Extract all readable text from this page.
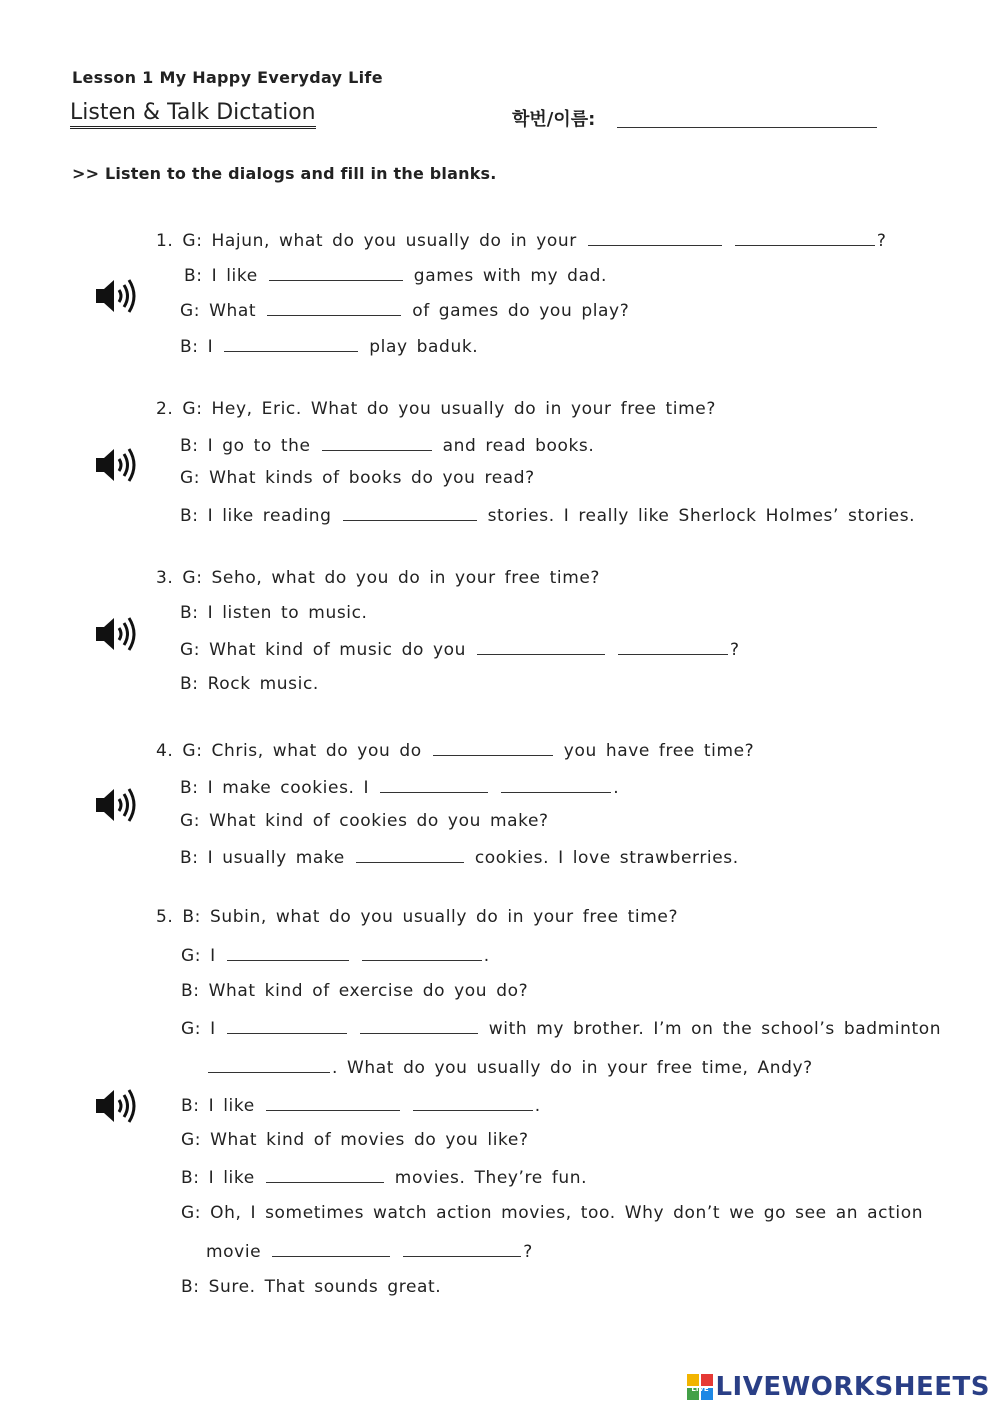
Lesson 1 My Happy Everyday Life
Listen & Talk Dictation	학번/이름:
>> Listen to the dialogs and fill in the blanks.
1. G: Hajun, what do you usually do in your	?
B: I like	games with my dad.
G: What	of games do you play?
B: I	play baduk.
2. G: Hey, Eric. What do you usually do in your free time?
B: I go to the	and read books.
G: What kinds of books do you read?
B: I like reading	stories. I really like Sherlock Holmes’ stories.
3. G: Seho, what do you do in your free time?
B: I listen to music.
G: What kind of music do you	?
B: Rock music.
4. G: Chris, what do you do	you have free time?
B: I make cookies. I	.
G: What kind of cookies do you make?
B: I usually make	cookies. I love strawberries.
5. B: Subin, what do you usually do in your free time?
G: I	.
B: What kind of exercise do you do?
G: I	with my brother. I’m on the school’s badminton
. What do you usually do in your free time, Andy?
B: I like	.
G: What kind of movies do you like?
B: I like	movies. They’re fun.
G: Oh, I sometimes watch action movies, too. Why don’t we go see an action
movie	?
B: Sure. That sounds great.
LIVE LIVEWORKSHEETS
